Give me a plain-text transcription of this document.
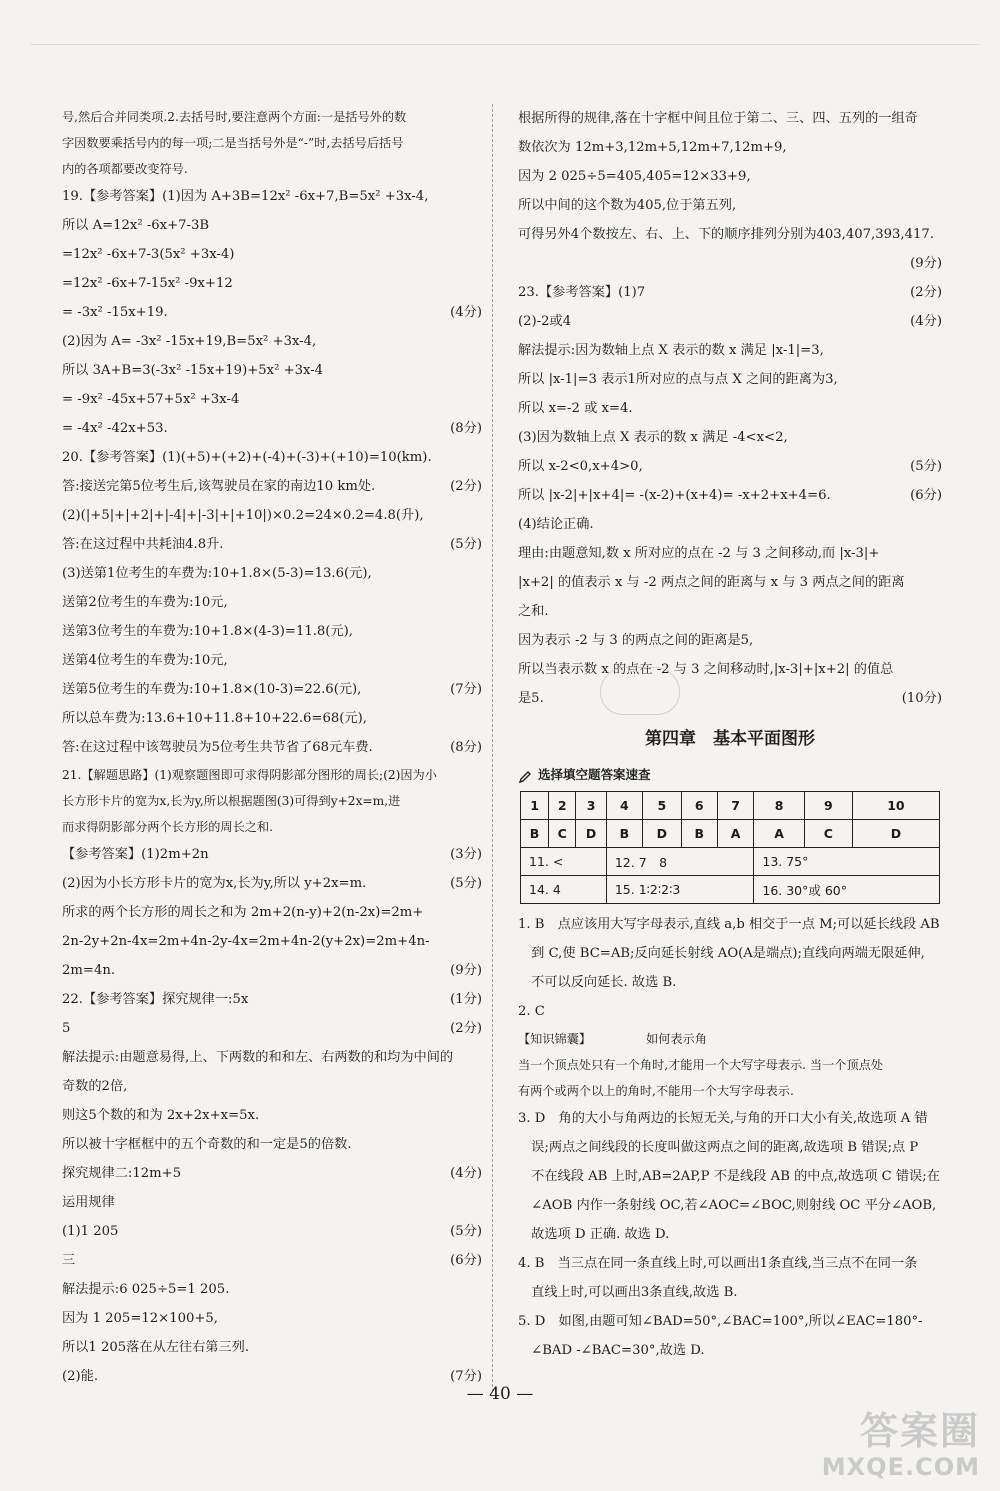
号,然后合并同类项.2.去括号时,要注意两个方面:一是括号外的数
字因数要乘括号内的每一项;二是当括号外是“-”时,去括号后括号
内的各项都要改变符号.
19.【参考答案】(1)因为 A+3B=12x² -6x+7,B=5x² +3x-4,
所以 A=12x² -6x+7-3B
=12x² -6x+7-3(5x² +3x-4)
=12x² -6x+7-15x² -9x+12
= -3x² -15x+19.	(4分)
(2)因为 A= -3x² -15x+19,B=5x² +3x-4,
所以 3A+B=3(-3x² -15x+19)+5x² +3x-4
= -9x² -45x+57+5x² +3x-4
= -4x² -42x+53.	(8分)
20.【参考答案】(1)(+5)+(+2)+(-4)+(-3)+(+10)=10(km).
答:接送完第5位考生后,该驾驶员在家的南边10 km处.	(2分)
(2)(|+5|+|+2|+|-4|+|-3|+|+10|)×0.2=24×0.2=4.8(升),
答:在这过程中共耗油4.8升.	(5分)
(3)送第1位考生的车费为:10+1.8×(5-3)=13.6(元),
送第2位考生的车费为:10元,
送第3位考生的车费为:10+1.8×(4-3)=11.8(元),
送第4位考生的车费为:10元,
送第5位考生的车费为:10+1.8×(10-3)=22.6(元),	(7分)
所以总车费为:13.6+10+11.8+10+22.6=68(元),
答:在这过程中该驾驶员为5位考生共节省了68元车费.	(8分)
21.【解题思路】(1)观察题图即可求得阴影部分图形的周长;(2)因为小
长方形卡片的宽为x,长为y,所以根据题图(3)可得到y+2x=m,进
而求得阴影部分两个长方形的周长之和.
【参考答案】(1)2m+2n	(3分)
(2)因为小长方形卡片的宽为x,长为y,所以 y+2x=m.	(5分)
所求的两个长方形的周长之和为 2m+2(n-y)+2(n-2x)=2m+
2n-2y+2n-4x=2m+4n-2y-4x=2m+4n-2(y+2x)=2m+4n-
2m=4n.	(9分)
22.【参考答案】探究规律一:5x	(1分)
5	(2分)
解法提示:由题意易得,上、下两数的和和左、右两数的和均为中间的
奇数的2倍,
则这5个数的和为 2x+2x+x=5x.
所以被十字框框中的五个奇数的和一定是5的倍数.
探究规律二:12m+5	(4分)
运用规律
(1)1 205	(5分)
三	(6分)
解法提示:6 025÷5=1 205.
因为 1 205=12×100+5,
所以1 205落在从左往右第三列.
(2)能.	(7分)
根据所得的规律,落在十字框中间且位于第二、三、四、五列的一组奇
数依次为 12m+3,12m+5,12m+7,12m+9,
因为 2 025÷5=405,405=12×33+9,
所以中间的这个数为405,位于第五列,
可得另外4个数按左、右、上、下的顺序排列分别为403,407,393,417.
(9分)
23.【参考答案】(1)7	(2分)
(2)-2或4	(4分)
解法提示:因为数轴上点 X 表示的数 x 满足 |x-1|=3,
所以 |x-1|=3 表示1所对应的点与点 X 之间的距离为3,
所以 x=-2 或 x=4.
(3)因为数轴上点 X 表示的数 x 满足 -4<x<2,
所以 x-2<0,x+4>0,	(5分)
所以 |x-2|+|x+4|= -(x-2)+(x+4)= -x+2+x+4=6.	(6分)
(4)结论正确.
理由:由题意知,数 x 所对应的点在 -2 与 3 之间移动,而 |x-3|+
|x+2| 的值表示 x 与 -2 两点之间的距离与 x 与 3 两点之间的距离
之和.
因为表示 -2 与 3 的两点之间的距离是5,
所以当表示数 x 的点在 -2 与 3 之间移动时,|x-3|+|x+2| 的值总
是5.	(10分)
第四章　基本平面图形
选择填空题答案速查
1	2	3	4	5	6	7	8	9	10
B	C	D	B	D	B	A	A	C	D
11. <			12. 7　8				13. 75°		
14. 4			15. 1∶2∶2∶3				16. 30°或 60°		
1. B　点应该用大写字母表示,直线 a,b 相交于一点 M;可以延长线段 AB
　到 C,使 BC=AB;反向延长射线 AO(A是端点);直线向两端无限延伸,
　不可以反向延长. 故选 B.
2. C
【知识锦囊】　　　　　如何表示角
当一个顶点处只有一个角时,才能用一个大写字母表示. 当一个顶点处
有两个或两个以上的角时,不能用一个大写字母表示.
3. D　角的大小与角两边的长短无关,与角的开口大小有关,故选项 A 错
　误;两点之间线段的长度叫做这两点之间的距离,故选项 B 错误;点 P
　不在线段 AB 上时,AB=2AP,P 不是线段 AB 的中点,故选项 C 错误;在
　∠AOB 内作一条射线 OC,若∠AOC=∠BOC,则射线 OC 平分∠AOB,
　故选项 D 正确. 故选 D.
4. B　当三点在同一条直线上时,可以画出1条直线,当三点不在同一条
　直线上时,可以画出3条直线,故选 B.
5. D　如图,由题可知∠BAD=50°,∠BAC=100°,所以∠EAC=180°-
　∠BAD -∠BAC=30°,故选 D.
— 40 —
答案圈
MXQE.COM
